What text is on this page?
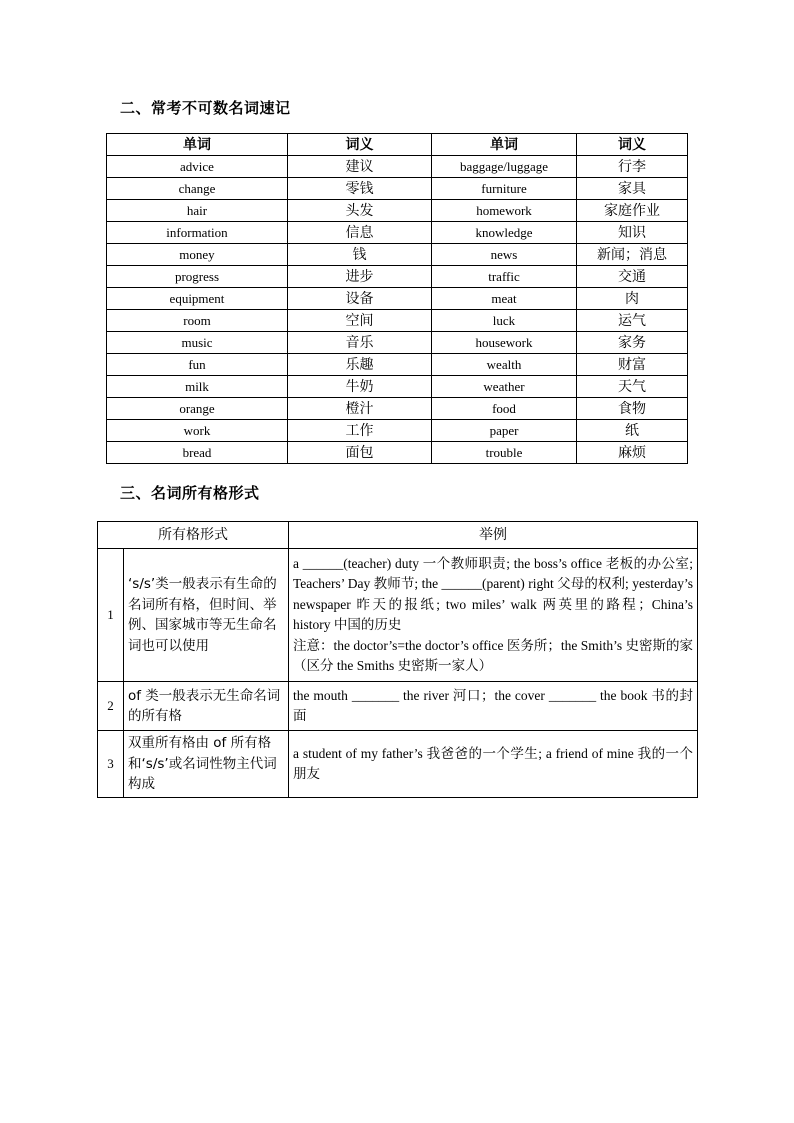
二、常考不可数名词速记
单词	词义	单词	词义
advice	建议	baggage/luggage	行李
change	零钱	furniture	家具
hair	头发	homework	家庭作业
information	信息	knowledge	知识
money	钱	news	新闻；消息
progress	进步	traffic	交通
equipment	设备	meat	肉
room	空间	luck	运气
music	音乐	housework	家务
fun	乐趣	wealth	财富
milk	牛奶	weather	天气
orange	橙汁	food	食物
work	工作	paper	纸
bread	面包	trouble	麻烦
三、名词所有格形式
所有格形式		举例
1	‘s/s’类一般表示有生命的名词所有格，但时间、举例、国家城市等无生命名词也可以使用	a ______(teacher) duty 一个教师职责; the boss’s office 老板的办公室; Teachers’ Day 教师节; the ______(parent) right 父母的权利; yesterday’s newspaper 昨天的报纸; two miles’ walk 两英里的路程；China’s history 中国的历史

注意：the doctor’s=the doctor’s office 医务所；the Smith’s 史密斯的家（区分 the Smiths 史密斯一家人）

2	of 类一般表示无生命名词的所有格	the mouth _______ the river 河口；the cover _______ the book 书的封面

3	双重所有格由 of 所有格和‘s/s’或名词性物主代词构成	a student of my father’s 我爸爸的一个学生; a friend of mine 我的一个朋友
